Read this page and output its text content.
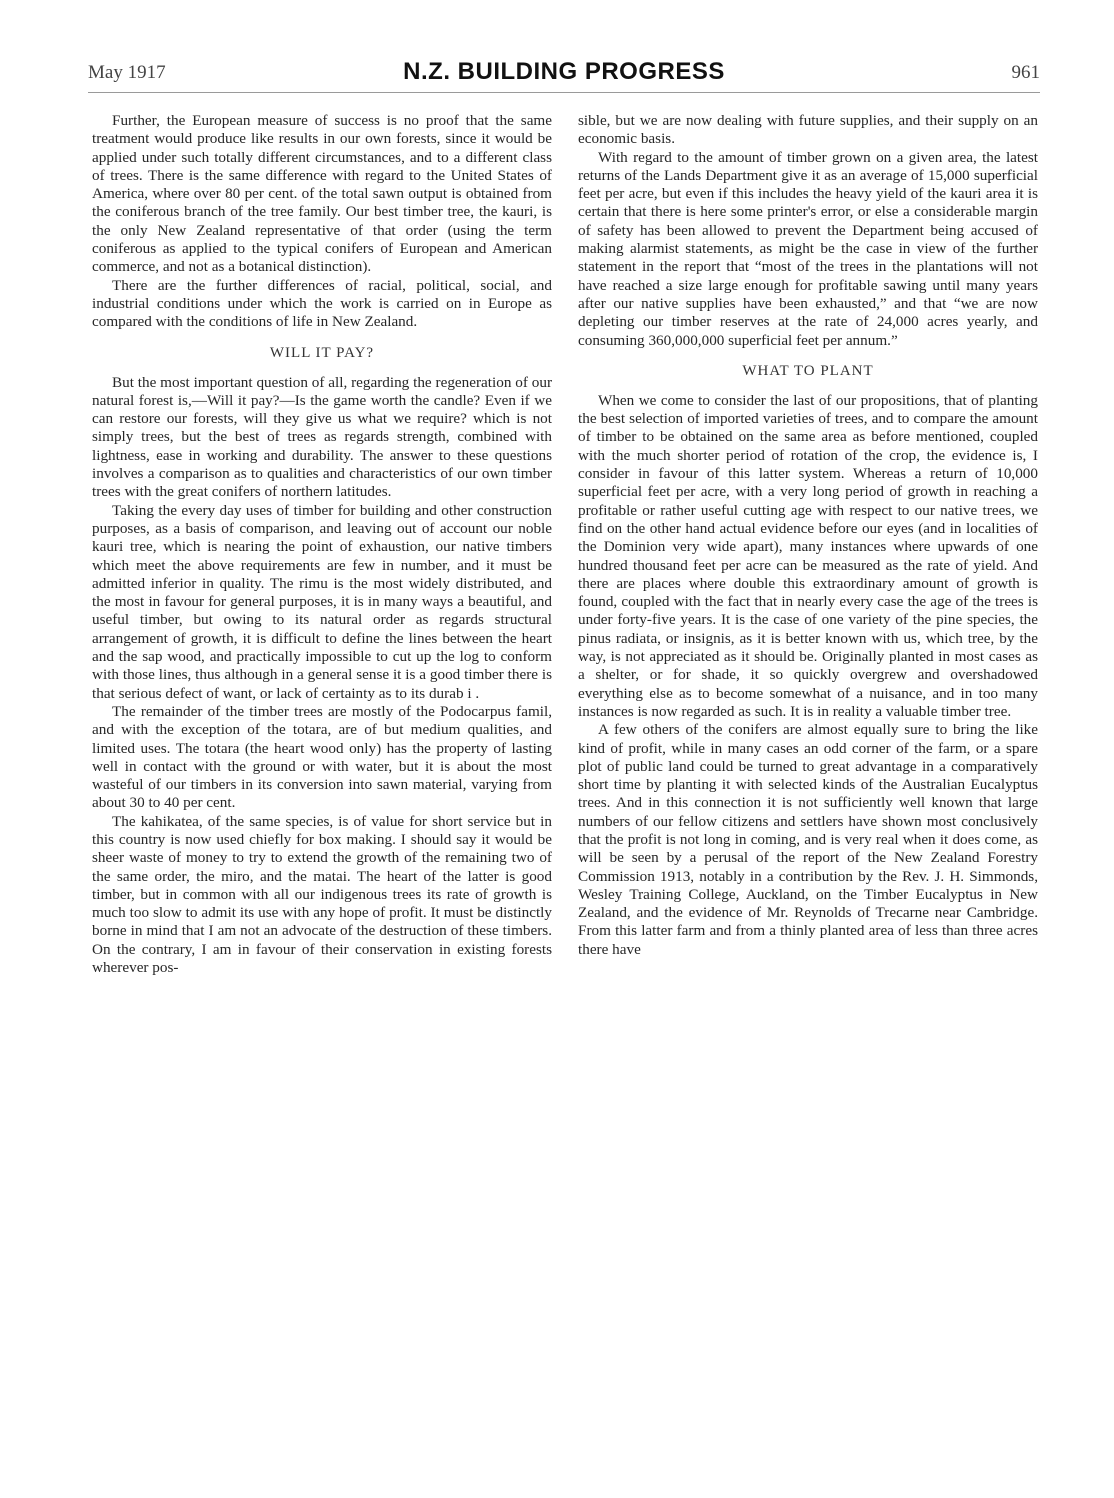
May 1917	N.Z. BUILDING PROGRESS	961

Further, the European measure of success is no proof that the same treatment would produce like results in our own forests, since it would be applied under such totally different circumstances, and to a different class of trees. There is the same difference with regard to the United States of America, where over 80 per cent. of the total sawn output is obtained from the coniferous branch of the tree family. Our best timber tree, the kauri, is the only New Zealand representative of that order (using the term coniferous as applied to the typical conifers of European and American commerce, and not as a botanical distinction).

There are the further differences of racial, political, social, and industrial conditions under which the work is carried on in Europe as compared with the conditions of life in New Zealand.

WILL IT PAY?

But the most important question of all, regarding the regeneration of our natural forest is,—Will it pay?—Is the game worth the candle? Even if we can restore our forests, will they give us what we require? which is not simply trees, but the best of trees as regards strength, combined with lightness, ease in working and durability. The answer to these questions involves a comparison as to qualities and characteristics of our own timber trees with the great conifers of northern latitudes.

Taking the every day uses of timber for building and other construction purposes, as a basis of comparison, and leaving out of account our noble kauri tree, which is nearing the point of exhaustion, our native timbers which meet the above requirements are few in number, and it must be admitted inferior in quality. The rimu is the most widely distributed, and the most in favour for general purposes, it is in many ways a beautiful, and useful timber, but owing to its natural order as regards structural arrangement of growth, it is difficult to define the lines between the heart and the sap wood, and practically impossible to cut up the log to conform with those lines, thus although in a general sense it is a good timber there is that serious defect of want, or lack of certainty as to its durab i .

The remainder of the timber trees are mostly of the Podocarpus famil, and with the exception of the totara, are of but medium qualities, and limited uses. The totara (the heart wood only) has the property of lasting well in contact with the ground or with water, but it is about the most wasteful of our timbers in its conversion into sawn material, varying from about 30 to 40 per cent.

The kahikatea, of the same species, is of value for short service but in this country is now used chiefly for box making. I should say it would be sheer waste of money to try to extend the growth of the remaining two of the same order, the miro, and the matai. The heart of the latter is good timber, but in common with all our indigenous trees its rate of growth is much too slow to admit its use with any hope of profit. It must be distinctly borne in mind that I am not an advocate of the destruction of these timbers. On the contrary, I am in favour of their conservation in existing forests wherever pos-

sible, but we are now dealing with future supplies, and their supply on an economic basis.

With regard to the amount of timber grown on a given area, the latest returns of the Lands Department give it as an average of 15,000 superficial feet per acre, but even if this includes the heavy yield of the kauri area it is certain that there is here some printer's error, or else a considerable margin of safety has been allowed to prevent the Department being accused of making alarmist statements, as might be the case in view of the further statement in the report that “most of the trees in the plantations will not have reached a size large enough for profitable sawing until many years after our native supplies have been exhausted,” and that “we are now depleting our timber reserves at the rate of 24,000 acres yearly, and consuming 360,000,000 superficial feet per annum.”

WHAT TO PLANT

When we come to consider the last of our propositions, that of planting the best selection of imported varieties of trees, and to compare the amount of timber to be obtained on the same area as before mentioned, coupled with the much shorter period of rotation of the crop, the evidence is, I consider in favour of this latter system. Whereas a return of 10,000 superficial feet per acre, with a very long period of growth in reaching a profitable or rather useful cutting age with respect to our native trees, we find on the other hand actual evidence before our eyes (and in localities of the Dominion very wide apart), many instances where upwards of one hundred thousand feet per acre can be measured as the rate of yield. And there are places where double this extraordinary amount of growth is found, coupled with the fact that in nearly every case the age of the trees is under forty-five years. It is the case of one variety of the pine species, the pinus radiata, or insignis, as it is better known with us, which tree, by the way, is not appreciated as it should be. Originally planted in most cases as a shelter, or for shade, it so quickly overgrew and overshadowed everything else as to become somewhat of a nuisance, and in too many instances is now regarded as such. It is in reality a valuable timber tree.

A few others of the conifers are almost equally sure to bring the like kind of profit, while in many cases an odd corner of the farm, or a spare plot of public land could be turned to great advantage in a comparatively short time by planting it with selected kinds of the Australian Eucalyptus trees. And in this connection it is not sufficiently well known that large numbers of our fellow citizens and settlers have shown most conclusively that the profit is not long in coming, and is very real when it does come, as will be seen by a perusal of the report of the New Zealand Forestry Commission 1913, notably in a contribution by the Rev. J. H. Simmonds, Wesley Training College, Auckland, on the Timber Eucalyptus in New Zealand, and the evidence of Mr. Reynolds of Trecarne near Cambridge. From this latter farm and from a thinly planted area of less than three acres there have
